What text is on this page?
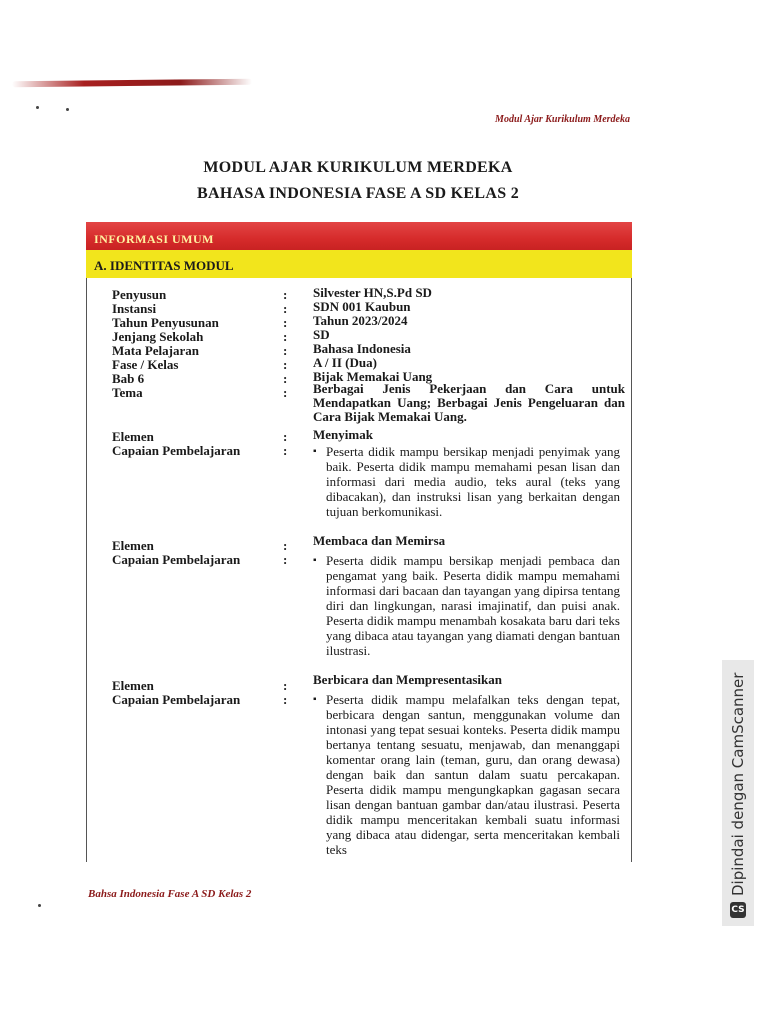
Modul Ajar Kurikulum Merdeka
MODUL AJAR KURIKULUM MERDEKA
BAHASA INDONESIA FASE A SD KELAS 2
INFORMASI UMUM
A. IDENTITAS MODUL
Penyusun	: Silvester HN,S.Pd SD
Instansi	: SDN 001 Kaubun
Tahun Penyusunan	: Tahun 2023/2024
Jenjang Sekolah	: SD
Mata Pelajaran	: Bahasa Indonesia
Fase / Kelas	: A / II (Dua)
Bab 6	: Bijak Memakai Uang
Tema	: Berbagai Jenis Pekerjaan dan Cara untuk Mendapatkan Uang; Berbagai Jenis Pengeluaran dan Cara Bijak Memakai Uang.
Elemen	: Menyimak
Capaian Pembelajaran	:	▪ Peserta didik mampu bersikap menjadi penyimak yang baik. Peserta didik mampu memahami pesan lisan dan informasi dari media audio, teks aural (teks yang dibacakan), dan instruksi lisan yang berkaitan dengan tujuan berkomunikasi.
Elemen	: Membaca dan Memirsa
Capaian Pembelajaran	:	▪ Peserta didik mampu bersikap menjadi pembaca dan pengamat yang baik. Peserta didik mampu memahami informasi dari bacaan dan tayangan yang dipirsa tentang diri dan lingkungan, narasi imajinatif, dan puisi anak. Peserta didik mampu menambah kosakata baru dari teks yang dibaca atau tayangan yang diamati dengan bantuan ilustrasi.
Elemen	: Berbicara dan Mempresentasikan
Capaian Pembelajaran	:	▪ Peserta didik mampu melafalkan teks dengan tepat, berbicara dengan santun, menggunakan volume dan intonasi yang tepat sesuai konteks. Peserta didik mampu bertanya tentang sesuatu, menjawab, dan menanggapi komentar orang lain (teman, guru, dan orang dewasa) dengan baik dan santun dalam suatu percakapan. Peserta didik mampu mengungkapkan gagasan secara lisan dengan bantuan gambar dan/atau ilustrasi. Peserta didik mampu menceritakan kembali suatu informasi yang dibaca atau didengar, serta menceritakan kembali teks
Bahsa Indonesia Fase A SD Kelas 2
CS
Dipindai dengan CamScanner
